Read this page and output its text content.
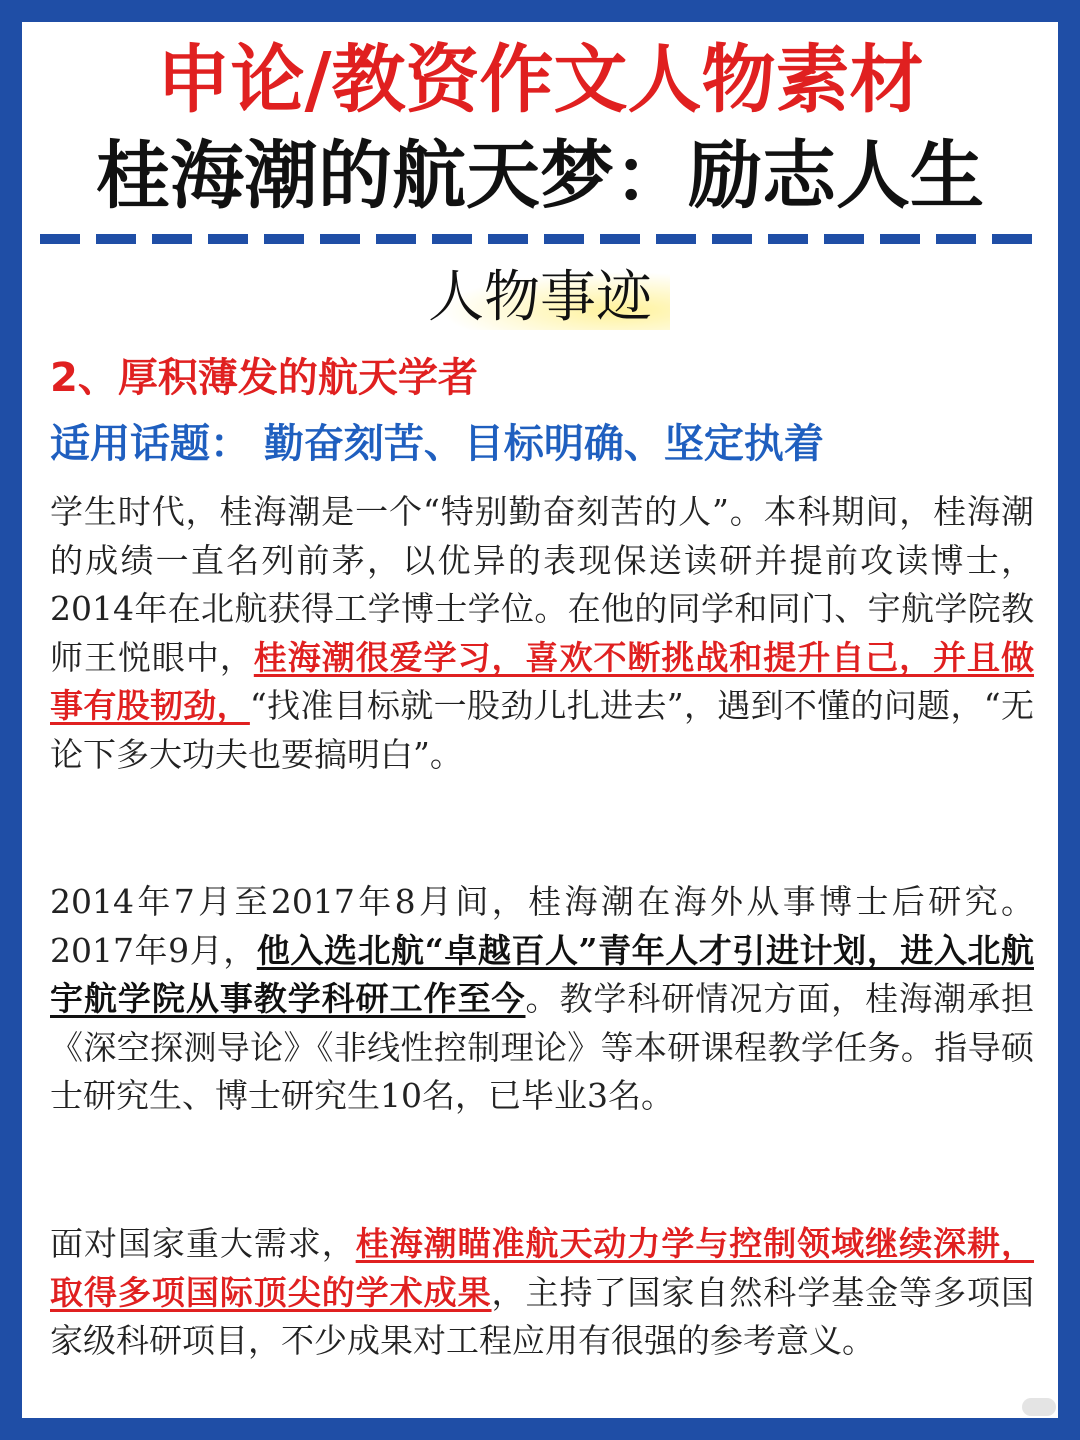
申论/教资作文人物素材
桂海潮的航天梦：励志人生
人物事迹
2、厚积薄发的航天学者
适用话题： 勤奋刻苦、目标明确、坚定执着
学生时代，桂海潮是一个“特别勤奋刻苦的人”。本科期间，桂海潮的成绩一直名列前茅，以优异的表现保送读研并提前攻读博士，2014年在北航获得工学博士学位。在他的同学和同门、宇航学院教师王悦眼中，桂海潮很爱学习，喜欢不断挑战和提升自己，并且做事有股韧劲，“找准目标就一股劲儿扎进去”，遇到不懂的问题，“无论下多大功夫也要搞明白”。
2014年7月至2017年8月间，桂海潮在海外从事博士后研究。2017年9月，他入选北航“卓越百人”青年人才引进计划，进入北航宇航学院从事教学科研工作至今。教学科研情况方面，桂海潮承担《深空探测导论》《非线性控制理论》等本研课程教学任务。指导硕士研究生、博士研究生10名，已毕业3名。
面对国家重大需求，桂海潮瞄准航天动力学与控制领域继续深耕，取得多项国际顶尖的学术成果，主持了国家自然科学基金等多项国家级科研项目，不少成果对工程应用有很强的参考意义。
